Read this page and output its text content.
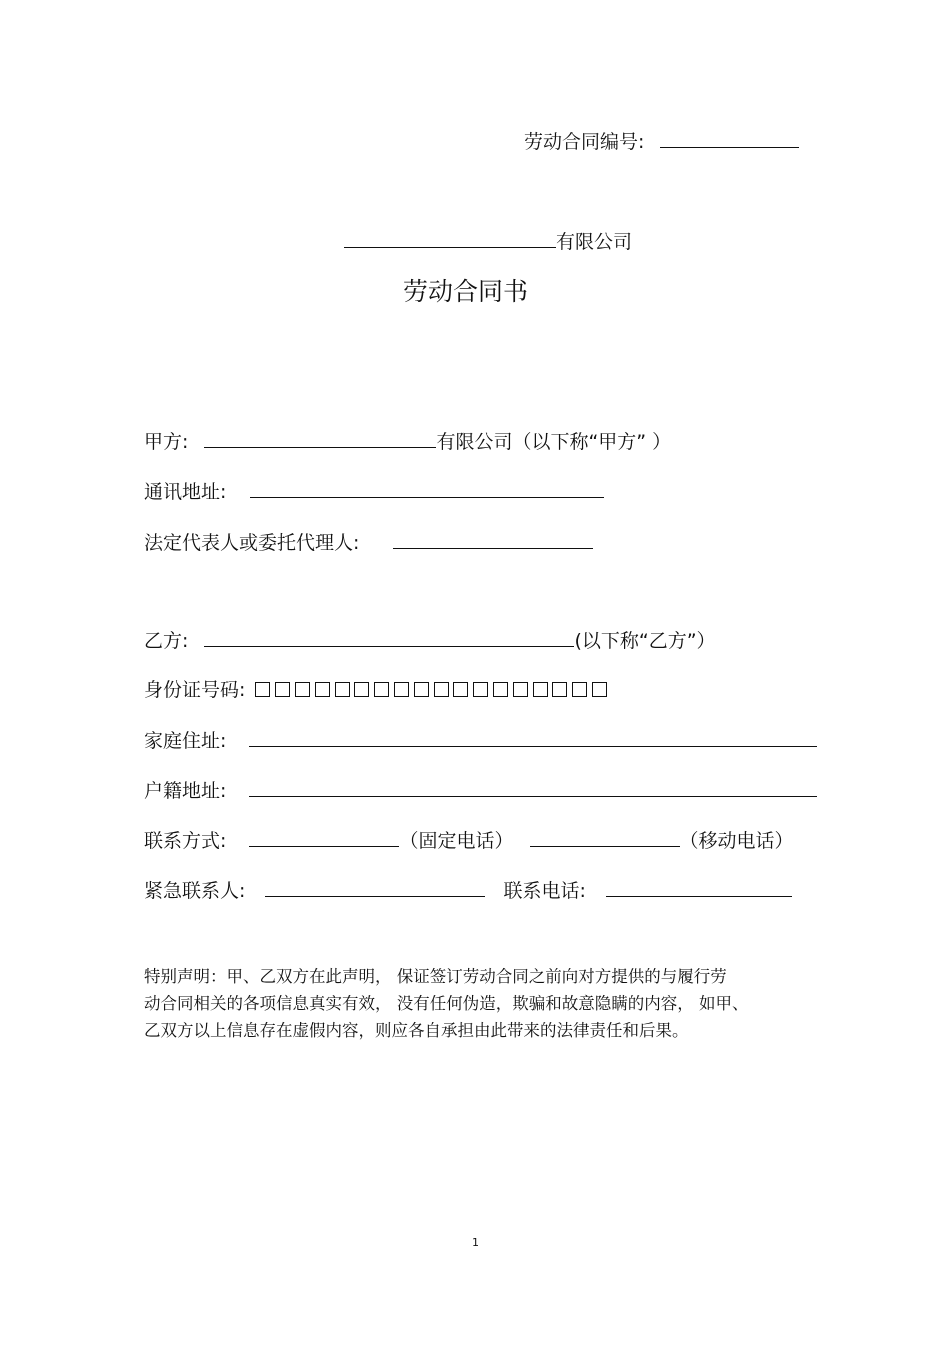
劳动合同编号:
有限公司
劳动合同书
甲方:	有限公司（以下称“甲方” ）
通讯地址:
法定代表人或委托代理人:
乙方:	(以下称“乙方”）
身份证号码:
家庭住址:
户籍地址:
联系方式:	（固定电话）	（移动电话）
紧急联系人:	联系电话:
特别声明：甲、乙双方在此声明， 保证签订劳动合同之前向对方提供的与履行劳
动合同相关的各项信息真实有效， 没有任何伪造，欺骗和故意隐瞒的内容， 如甲、
乙双方以上信息存在虚假内容，则应各自承担由此带来的法律责任和后果。
1
